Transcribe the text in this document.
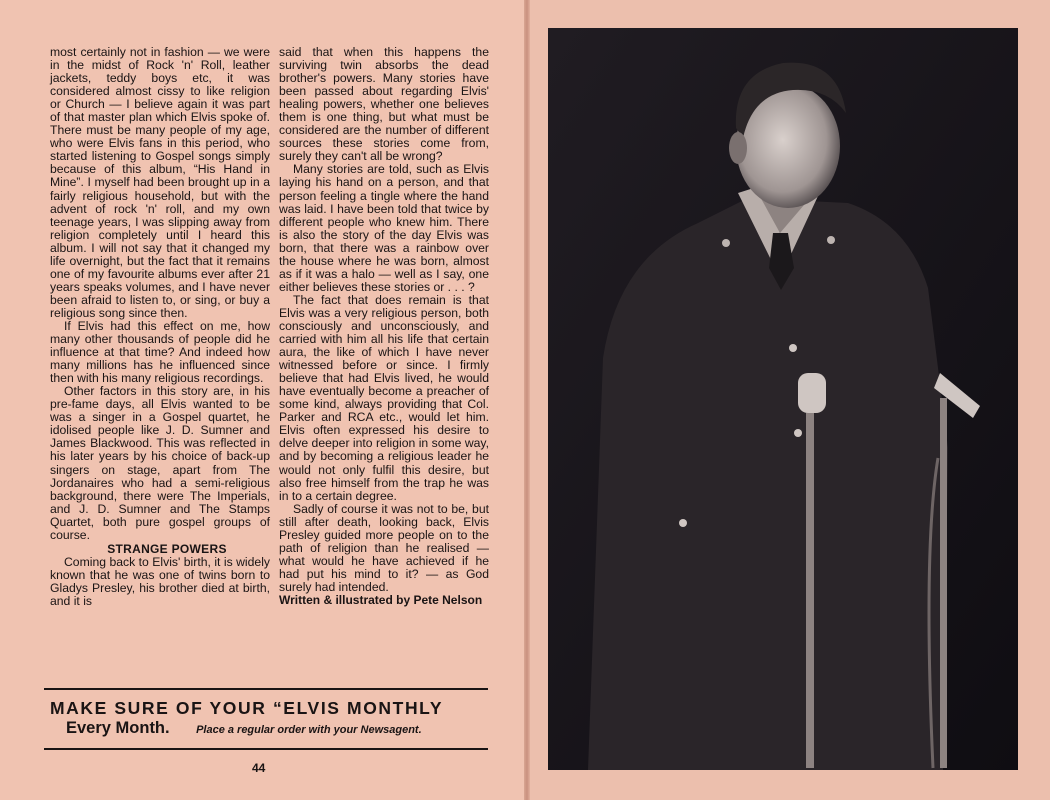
most certainly not in fashion — we were in the midst of Rock 'n' Roll, leather jackets, teddy boys etc, it was considered almost cissy to like religion or Church — I believe again it was part of that master plan which Elvis spoke of. There must be many people of my age, who were Elvis fans in this period, who started listening to Gospel songs simply because of this album, “His Hand in Mine”. I myself had been brought up in a fairly religious household, but with the advent of rock 'n' roll, and my own teenage years, I was slipping away from religion completely until I heard this album. I will not say that it changed my life overnight, but the fact that it remains one of my favourite albums ever after 21 years speaks volumes, and I have never been afraid to listen to, or sing, or buy a religious song since then.

If Elvis had this effect on me, how many other thousands of people did he influence at that time? And indeed how many millions has he influenced since then with his many religious recordings.

Other factors in this story are, in his pre-fame days, all Elvis wanted to be was a singer in a Gospel quartet, he idolised people like J. D. Sumner and James Blackwood. This was reflected in his later years by his choice of back-up singers on stage, apart from The Jordanaires who had a semi-religious background, there were The Imperials, and J. D. Sumner and The Stamps Quartet, both pure gospel groups of course.

STRANGE POWERS

Coming back to Elvis' birth, it is widely known that he was one of twins born to Gladys Presley, his brother died at birth, and it is

said that when this happens the surviving twin absorbs the dead brother's powers. Many stories have been passed about regarding Elvis' healing powers, whether one believes them is one thing, but what must be considered are the number of different sources these stories come from, surely they can't all be wrong?

Many stories are told, such as Elvis laying his hand on a person, and that person feeling a tingle where the hand was laid. I have been told that twice by different people who knew him. There is also the story of the day Elvis was born, that there was a rainbow over the house where he was born, almost as if it was a halo — well as I say, one either believes these stories or . . . ?

The fact that does remain is that Elvis was a very religious person, both consciously and unconsciously, and carried with him all his life that certain aura, the like of which I have never witnessed before or since. I firmly believe that had Elvis lived, he would have eventually become a preacher of some kind, always providing that Col. Parker and RCA etc., would let him. Elvis often expressed his desire to delve deeper into religion in some way, and by becoming a religious leader he would not only fulfil this desire, but also free himself from the trap he was in to a certain degree.

Sadly of course it was not to be, but still after death, looking back, Elvis Presley guided more people on to the path of religion than he realised — what would he have achieved if he had put his mind to it? — as God surely had intended.

Written & illustrated by Pete Nelson

MAKE SURE OF YOUR “ELVIS MONTHLY
Every Month. Place a regular order with your Newsagent.
44
